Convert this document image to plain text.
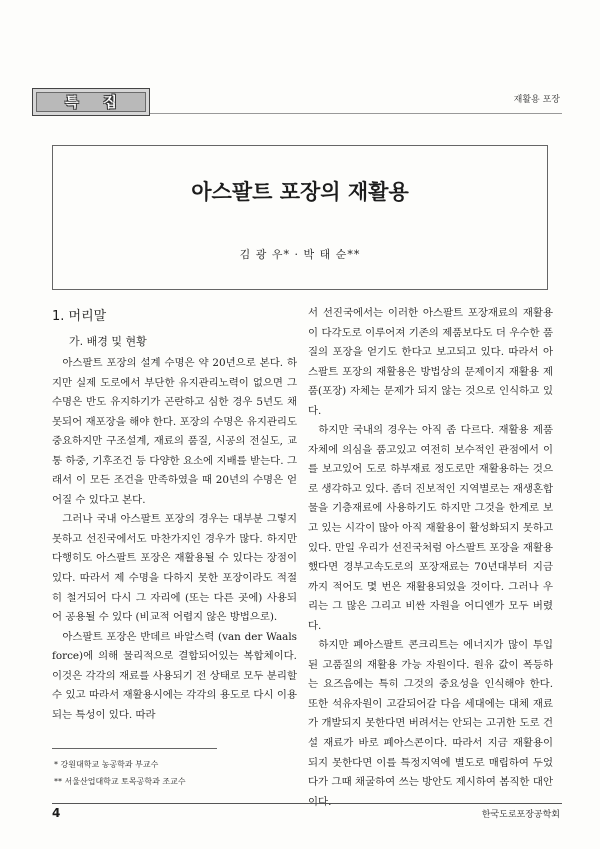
특 집	재활용 포장
아스팔트 포장의 재활용
김 광 우* · 박 태 순**

1. 머리말

가. 배경 및 현황

아스팔트 포장의 설계 수명은 약 20년으로 본다. 하지만 실제 도로에서 부단한 유지관리노력이 없으면 그 수명은 반도 유지하기가 곤란하고 심한 경우 5년도 채 못되어 재포장을 해야 한다. 포장의 수명은 유지관리도 중요하지만 구조설계, 재료의 품질, 시공의 전실도, 교통 하중, 기후조건 등 다양한 요소에 지배를 받는다. 그래서 이 모든 조건을 만족하였을 때 20년의 수명은 얻어질 수 있다고 본다.

그러나 국내 아스팔트 포장의 경우는 대부분 그렇지 못하고 선진국에서도 마찬가지인 경우가 많다. 하지만 다행히도 아스팔트 포장은 재활용될 수 있다는 장점이 있다. 따라서 제 수명을 다하지 못한 포장이라도 적절히 철거되어 다시 그 자리에 (또는 다른 곳에) 사용되어 공용될 수 있다 (비교적 어렵지 않은 방법으로).

아스팔트 포장은 반데르 바알스력 (van der Waals force)에 의해 물리적으로 결합되어있는 복합체이다. 이것은 각각의 재료를 사용되기 전 상태로 모두 분리할 수 있고 따라서 재활용시에는 각각의 용도로 다시 이용되는 특성이 있다. 따라

서 선진국에서는 이러한 아스팔트 포장재료의 재활용이 다각도로 이루어져 기존의 제품보다도 더 우수한 품질의 포장을 얻기도 한다고 보고되고 있다. 따라서 아스팔트 포장의 재활용은 방법상의 문제이지 재활용 제품(포장) 자체는 문제가 되지 않는 것으로 인식하고 있다.

하지만 국내의 경우는 아직 좀 다르다. 재활용 제품 자체에 의심을 품고있고 여전히 보수적인 관점에서 이를 보고있어 도로 하부재료 정도로만 재활용하는 것으로 생각하고 있다. 좀더 진보적인 지역별로는 재생혼합물을 기층재료에 사용하기도 하지만 그것을 한계로 보고 있는 시각이 많아 아직 재활용이 활성화되지 못하고 있다. 만일 우리가 선진국처럼 아스팔트 포장을 재활용했다면 경부고속도로의 포장재료는 70년대부터 지금까지 적어도 몇 번은 재활용되었을 것이다. 그러나 우리는 그 많은 그리고 비싼 자원을 어디엔가 모두 버렸다.

하지만 폐아스팔트 콘크리트는 에너지가 많이 투입된 고품질의 재활용 가능 자원이다. 원유 값이 폭등하는 요즈음에는 특히 그것의 중요성을 인식해야 한다. 또한 석유자원이 고갈되어갈 다음 세대에는 대체 재료가 개발되지 못한다면 버려서는 안되는 고귀한 도로 건설 재료가 바로 폐아스콘이다. 따라서 지금 재활용이 되지 못한다면 이를 특정지역에 별도로 매립하여 두었다가 그때 채굴하여 쓰는 방안도 제시하여 봄직한 대안이다.

* 강원대학교 농공학과 부교수
** 서울산업대학교 토목공학과 조교수
4	한국도로포장공학회
